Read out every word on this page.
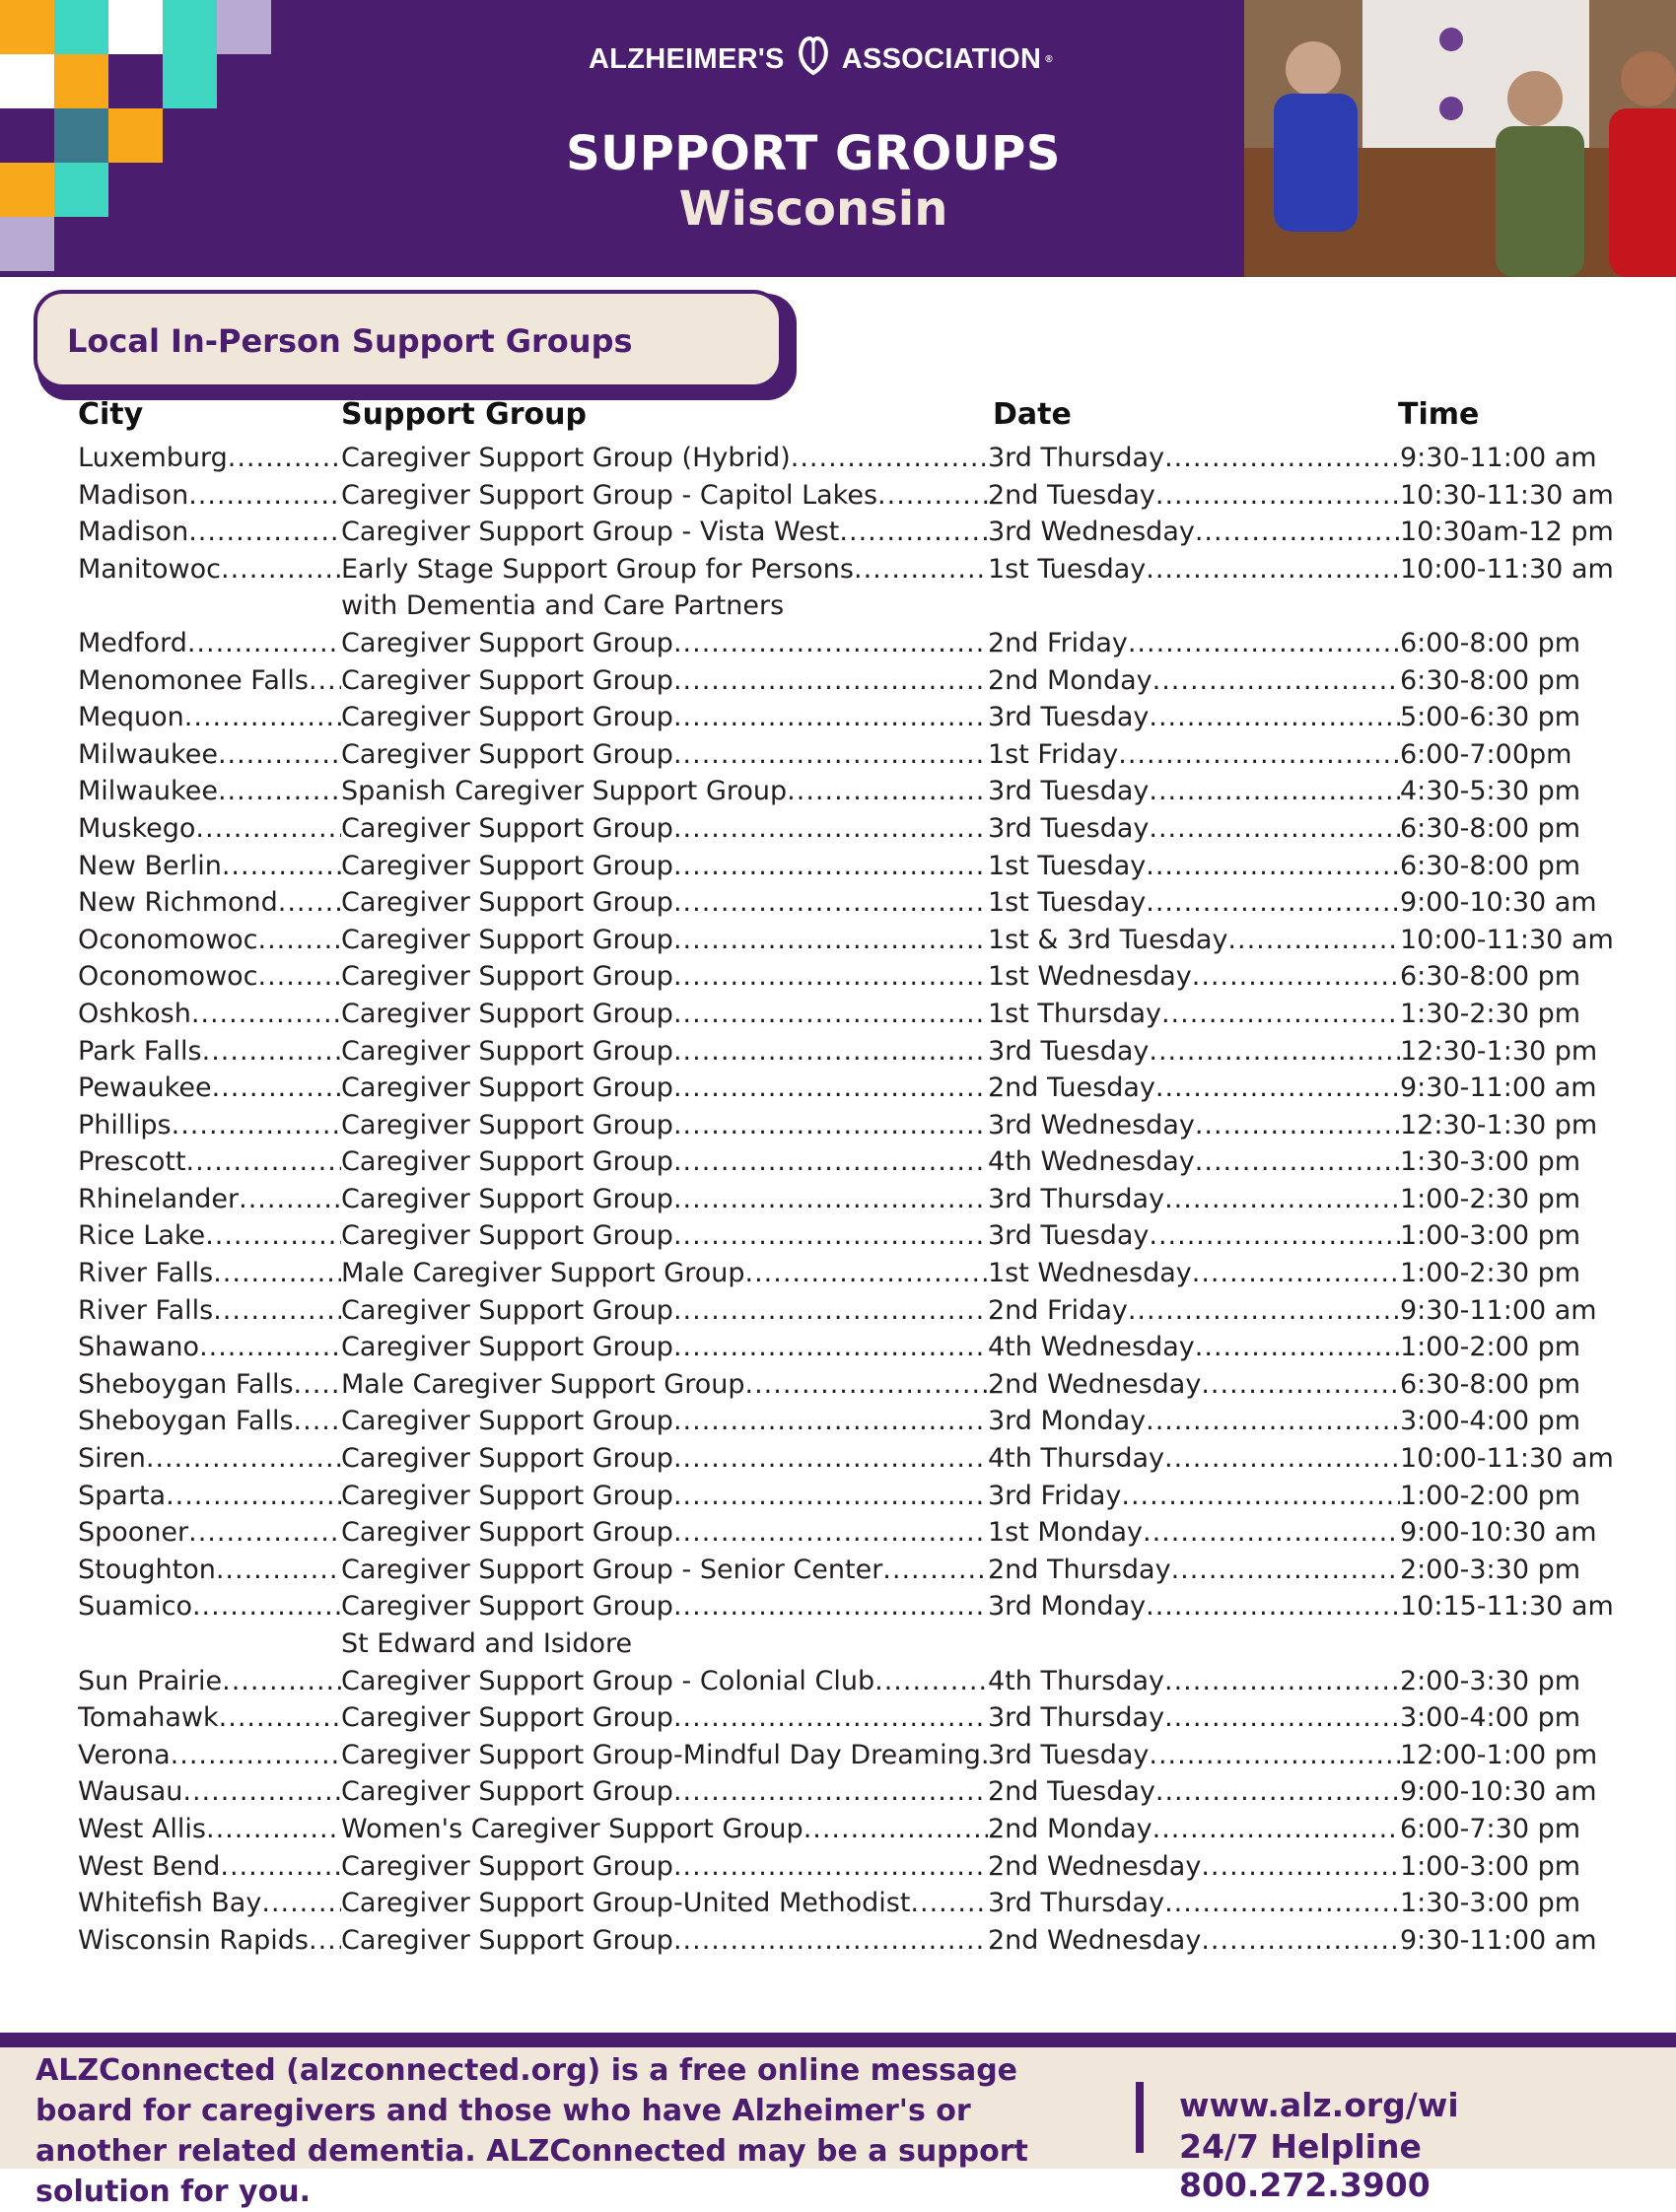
ALZHEIMER'S ASSOCIATION ®
SUPPORT GROUPS
Wisconsin
Local In-Person Support Groups
City	Support Group	Date	Time
Luxemburg .....	Caregiver Support Group (Hybrid) .....	3rd Thursday .....	9:30-11:00 am
Madison .....	Caregiver Support Group - Capitol Lakes .....	2nd Tuesday .....	10:30-11:30 am
Madison .....	Caregiver Support Group - Vista West .....	3rd Wednesday .....	10:30am-12 pm
Manitowoc .....	Early Stage Support Group for Persons .....	1st Tuesday .....	10:00-11:30 am
with Dementia and Care Partners
Medford .....	Caregiver Support Group .....	2nd Friday .....	6:00-8:00 pm
Menomonee Falls ..... Caregiver Support Group .....	2nd Monday .....	6:30-8:00 pm
Mequon .....	Caregiver Support Group .....	3rd Tuesday .....	5:00-6:30 pm
Milwaukee .....	Caregiver Support Group .....	1st Friday .....	6:00-7:00pm
Milwaukee .....	Spanish Caregiver Support Group .....	3rd Tuesday .....	4:30-5:30 pm
Muskego .....	Caregiver Support Group .....	3rd Tuesday .....	6:30-8:00 pm
New Berlin .....	Caregiver Support Group .....	1st Tuesday .....	6:30-8:00 pm
New Richmond ..... Caregiver Support Group .....	1st Tuesday .....	9:00-10:30 am
Oconomowoc .....	Caregiver Support Group .....	1st & 3rd Tuesday .....	10:00-11:30 am
Oconomowoc .....	Caregiver Support Group .....	1st Wednesday .....	6:30-8:00 pm
Oshkosh .....	Caregiver Support Group .....	1st Thursday .....	1:30-2:30 pm
Park Falls .....	Caregiver Support Group .....	3rd Tuesday .....	12:30-1:30 pm
Pewaukee .....	Caregiver Support Group .....	2nd Tuesday .....	9:30-11:00 am
Phillips .....	Caregiver Support Group .....	3rd Wednesday .....	12:30-1:30 pm
Prescott .....	Caregiver Support Group .....	4th Wednesday .....	1:30-3:00 pm
Rhinelander .....	Caregiver Support Group .....	3rd Thursday .....	1:00-2:30 pm
Rice Lake .....	Caregiver Support Group .....	3rd Tuesday .....	1:00-3:00 pm
River Falls .....	Male Caregiver Support Group .....	1st Wednesday .....	1:00-2:30 pm
River Falls .....	Caregiver Support Group .....	2nd Friday .....	9:30-11:00 am
Shawano .....	Caregiver Support Group .....	4th Wednesday .....	1:00-2:00 pm
Sheboygan Falls ..... Male Caregiver Support Group .....	2nd Wednesday .....	6:30-8:00 pm
Sheboygan Falls ..... Caregiver Support Group .....	3rd Monday .....	3:00-4:00 pm
Siren .....	Caregiver Support Group .....	4th Thursday .....	10:00-11:30 am
Sparta .....	Caregiver Support Group .....	3rd Friday .....	1:00-2:00 pm
Spooner .....	Caregiver Support Group .....	1st Monday .....	9:00-10:30 am
Stoughton .....	Caregiver Support Group - Senior Center .....	2nd Thursday .....	2:00-3:30 pm
Suamico .....	Caregiver Support Group .....	3rd Monday .....	10:15-11:30 am
St Edward and Isidore
Sun Prairie .....	Caregiver Support Group - Colonial Club .....	4th Thursday .....	2:00-3:30 pm
Tomahawk .....	Caregiver Support Group .....	3rd Thursday .....	3:00-4:00 pm
Verona .....	Caregiver Support Group-Mindful Day Dreaming ..... 3rd Tuesday .....	12:00-1:00 pm
Wausau .....	Caregiver Support Group .....	2nd Tuesday .....	9:00-10:30 am
West Allis .....	Women's Caregiver Support Group .....	2nd Monday .....	6:00-7:30 pm
West Bend .....	Caregiver Support Group .....	2nd Wednesday .....	1:00-3:00 pm
Whitefish Bay .....	Caregiver Support Group-United Methodist .....	3rd Thursday .....	1:30-3:00 pm
Wisconsin Rapids ..... Caregiver Support Group .....	2nd Wednesday .....	9:30-11:00 am
ALZConnected (alzconnected.org) is a free online message board for caregivers and those who have Alzheimer's or another related dementia. ALZConnected may be a support solution for you.
www.alz.org/wi
24/7 Helpline 800.272.3900
